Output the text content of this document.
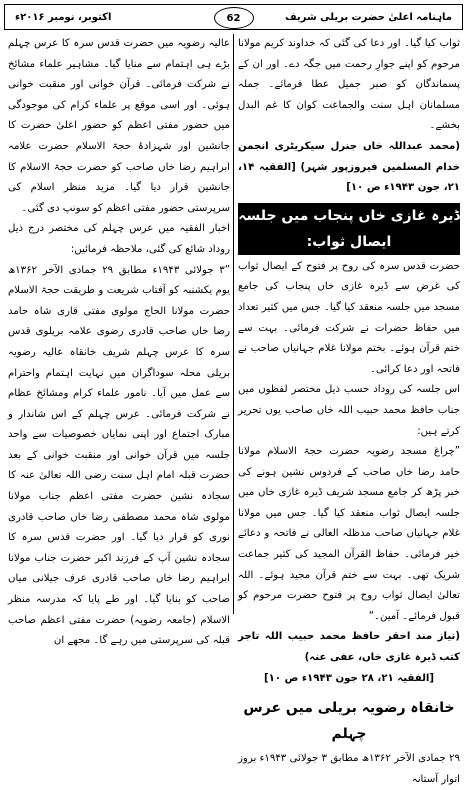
اکتوبر، نومبر ۲۰۱۶ء	62	ماہنامہ اعلیٰ حضرت بریلی شریف

ثواب کیا گیا۔ اور دعا کی گئی کہ خداوند کریم مولانا مرحوم کو اپنے جوارِ رحمت میں جگہ دے۔ اور ان کے پسماندگان کو صبر جمیل عطا فرمائے۔ جملہ مسلمانان اہل سنت والجماعت کوان کا غم البدل بخشے۔

(محمد عبداللہ خاں جنرل سیکریٹری انجمن خدام المسلمین فیروزپور شہر) [الفقیہ ۱۴، ۲۱، جون ۱۹۴۳ء ص ۱۰]

ڈیرہ غازی خاں پنجاب میں جلسہ ایصال ثواب:

حضرت قدس سرہ کی روح پر فتوح کے ایصال ثواب کی غرض سے ڈیرہ غازی خاں پنجاب کی جامع مسجد میں جلسہ منعقد کیا گیا۔ جس میں کثیر تعداد میں حفاظ حضرات نے شرکت فرمائی۔ بہت سے ختم قرآن ہوئے۔ بختم مولانا غلام جہانیاں صاحب نے فاتحہ اور دعا کرائی۔

اس جلسہ کی روداد حسب ذیل مختصر لفظوں میں جناب حافظ محمد حبیب اللہ خاں صاحب یوں تحریر کرتے ہیں:

”چراغ مسجد رضویہ حضرت حجۃ الاسلام مولانا حامد رضا خاں صاحب کے فردوس نشین ہونے کی خبر پڑھ کر جامع مسجد شریف ڈیرہ غازی خاں میں جلسہ ایصال ثواب منعقد کیا گیا۔ جس میں مولانا غلام جہانیاں صاحب مدظلہ العالی نے فاتحہ و دعائے خیر فرمائی۔ حفاظ القرآن المجید کی کثیر جماعت شریک تھی۔ بہت سے ختم قرآن مجید ہوئے۔ اللہ تعالیٰ ایصال ثواب روح پر فتوح حضرت مرحوم کو قبول فرمائے۔ آمین۔“

(نیاز مند احقر حافظ محمد حبیب اللہ تاجر کتب ڈیرہ غازی خاں، عفی عنہ)

[الفقیہ ۲۱، ۲۸ جون ۱۹۴۳ء ص ۱۰]

خانقاہ رضویہ بریلی میں عرس چہلم

۲۹ جمادی الآخر ۱۳۶۲ھ مطابق ۳ جولائی ۱۹۴۳ء بروز اتوار آستانہ

عالیہ رضویہ میں حضرت قدس سرہ کا عرس چہلم بڑے ہی اہتمام سے منایا گیا۔ مشاہیر علماء مشائخ نے شرکت فرمائی۔ قرآن خوانی اور منقبت خوانی ہوئی۔ اور اسی موقع پر علماء کرام کی موجودگی میں حضور مفتی اعظم کو حضور اعلیٰ حضرت کا جانشین اور شہزادۂ حجۃ الاسلام حضرت علامہ ابراہیم رضا خاں صاحب کو حضرت حجۃ الاسلام کا جانشین قرار دیا گیا۔ مزید منظر اسلام کی سرپرستی حضور مفتی اعظم کو سونپ دی گئی۔

اخبار الفقیہ میں عرس چہلم کی مختصر درج ذیل روداد شائع کی گئی، ملاحظہ فرمائیں:

”۳ جولائی ۱۹۴۳ء مطابق ۲۹ جمادی الآخر ۱۳۶۲ھ یوم یکشنبہ کو آفتاب شریعت و طریقت حجۃ الاسلام حضرت مولانا الحاج مولوی مفتی قاری شاہ حامد رضا خاں صاحب قادری رضوی علامہ بریلوی قدس سرہ کا عرس چہلم شریف خانقاہ عالیہ رضویہ بریلی محلہ سوداگران میں نہایت اہتمام واحترام سے عمل میں آیا۔ نامور علماء کرام ومشائخ عظام نے شرکت فرمائی۔ عرس چہلم کے اس شاندار و مبارک اجتماع اور اپنی نمایاں خصوصیات سے واحد جلسہ میں قرآن خوانی اور منقبت خوانی کے بعد حضرت قبلہ امام اہل سنت رضی اللہ تعالیٰ عنہ کا سجادہ نشین حضرت مفتی اعظم جناب مولانا مولوی شاہ محمد مصطفی رضا خاں صاحب قادری نوری کو قرار دیا گیا۔ اور حضرت قدس سرہ کا سجادہ نشین آپ کے فرزند اکبر حضرت جناب مولانا ابراہیم رضا خاں صاحب قادری عرف جیلانی میاں صاحب کو بنایا گیا۔ اور طے پایا کہ مدرسہ منظر الاسلام (جامعہ رضویہ) حضرت مفتی اعظم صاحب قبلہ کی سرپرستی میں رہے گا۔ مجھے ان
